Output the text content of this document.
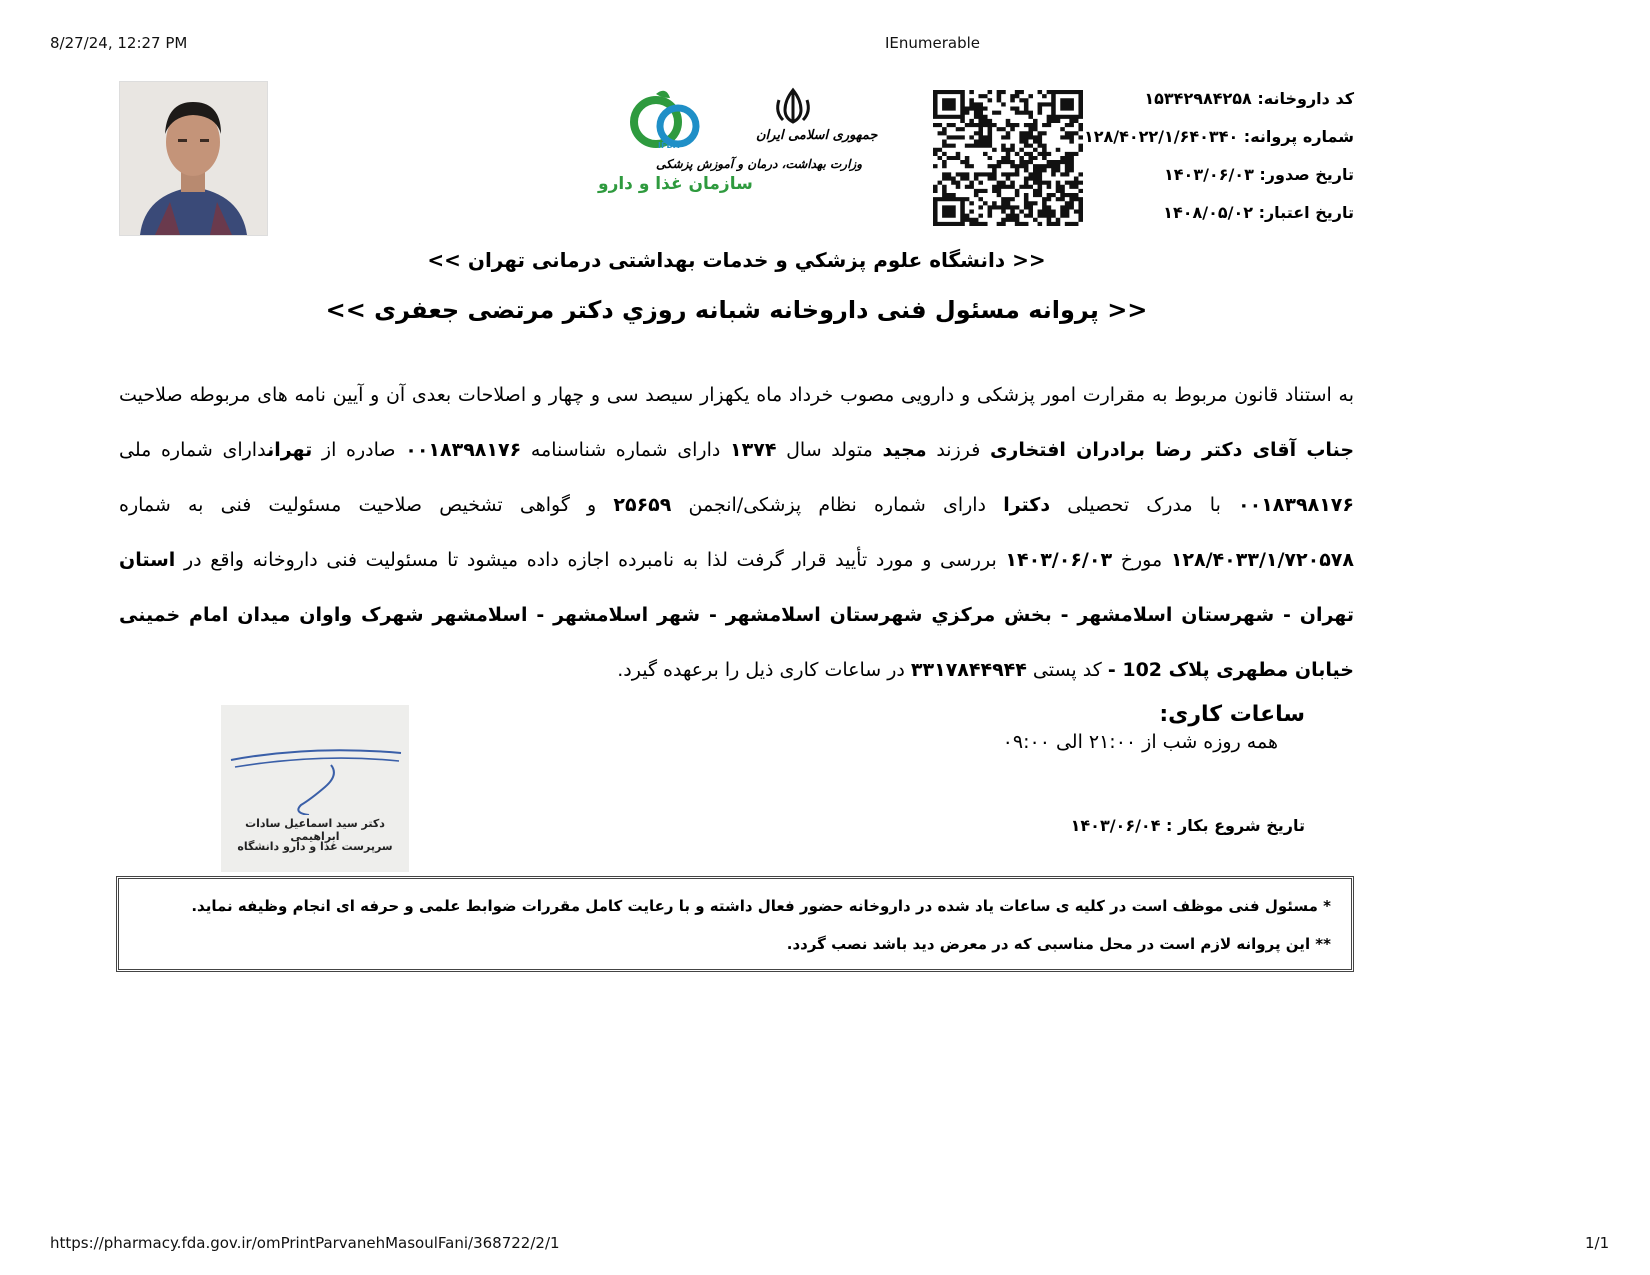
8/27/24, 12:27 PM	IEnumerable
https://pharmacy.fda.gov.ir/omPrintParvanehMasoulFani/368722/2/1	1/1
IFDA
سازمان غذا و دارو
جمهوری اسلامی ایران
وزارت بهداشت، درمان و آموزش پزشکی
کد داروخانه: ۱۵۳۴۲۹۸۴۲۵۸
شماره پروانه: ۱۲۸/۴۰۲۲/۱/۶۴۰۳۴۰
تاریخ صدور: ۱۴۰۳/۰۶/۰۳
تاریخ اعتبار: ۱۴۰۸/۰۵/۰۲
<< دانشگاه علوم پزشكي و خدمات بهداشتی درمانی تهران >>
<< پروانه مسئول فنی داروخانه شبانه روزي دکتر مرتضی جعفری >>
به استناد قانون مربوط به مقرارت امور پزشکی و دارویی مصوب خرداد ماه یکهزار سیصد سی و چهار و اصلاحات بعدی آن و آیین نامه های مربوطه صلاحیت جناب آقای دکتر رضا برادران افتخاری فرزند مجید متولد سال ۱۳۷۴ دارای شماره شناسنامه ۰۰۱۸۳۹۸۱۷۶ صادره از تهراندارای شماره ملی ۰۰۱۸۳۹۸۱۷۶ با مدرک تحصیلی دکترا دارای شماره نظام پزشکی/انجمن ۲۵۶۵۹ و گواهی تشخیص صلاحیت مسئولیت فنی به شماره ۱۲۸/۴۰۳۳/۱/۷۲۰۵۷۸ مورخ ۱۴۰۳/۰۶/۰۳ بررسی و مورد تأیید قرار گرفت لذا به نامبرده اجازه داده میشود تا مسئولیت فنی داروخانه واقع در استان تهران - شهرستان اسلامشهر - بخش مرکزي شهرستان اسلامشهر - شهر اسلامشهر - اسلامشهر شهرک واوان میدان امام خمینی خیابان مطهری پلاک 102 - کد پستی ۳۳۱۷۸۴۴۹۴۴ در ساعات کاری ذیل را برعهده گیرد.
ساعات کاری:
همه روزه شب از ۲۱:۰۰ الی ۰۹:۰۰
تاریخ شروع بکار : ۱۴۰۳/۰۶/۰۴
دکتر سید اسماعیل سادات ابراهیمی
سرپرست غذا و دارو دانشگاه
* مسئول فنی موظف است در کلیه ی ساعات یاد شده در داروخانه حضور فعال داشته و با رعایت کامل مقررات ضوابط علمی و حرفه ای انجام وظیفه نماید.
** این پروانه لازم است در محل مناسبی که در معرض دید باشد نصب گردد.
